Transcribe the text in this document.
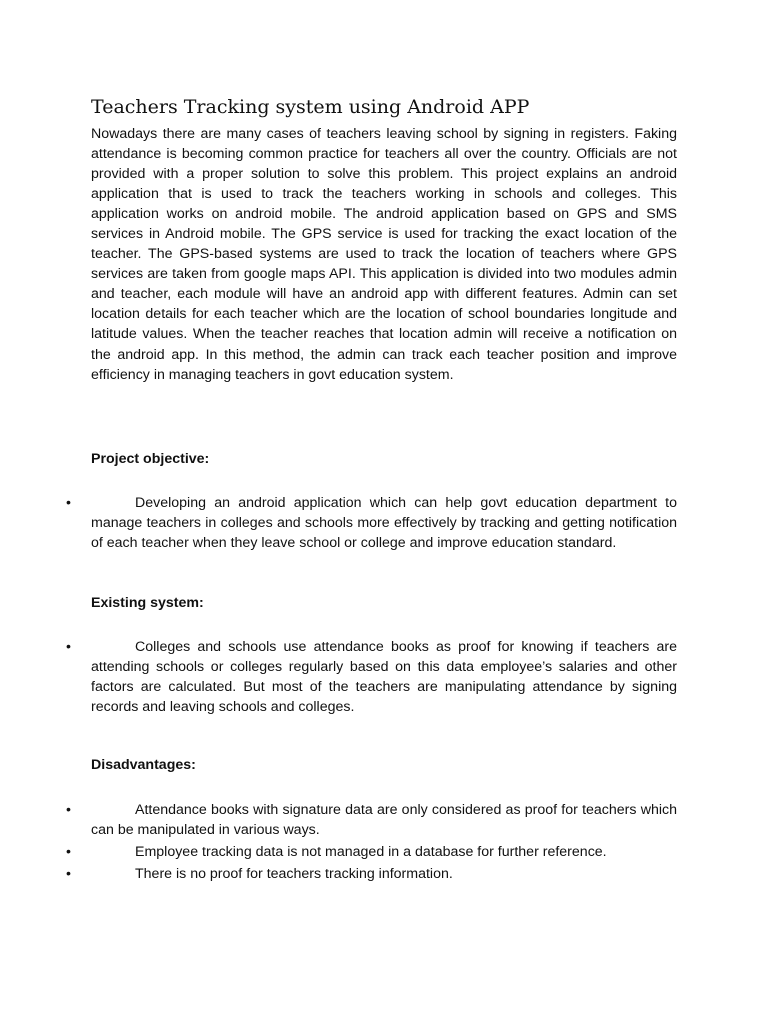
Teachers Tracking system using Android APP

Nowadays there are many cases of teachers leaving school by signing in registers. Faking attendance is becoming common practice for teachers all over the country. Officials are not provided with a proper solution to solve this problem. This project explains an android application that is used to track the teachers working in schools and colleges. This application works on android mobile. The android application based on GPS and SMS services in Android mobile. The GPS service is used for tracking the exact location of the teacher. The GPS-based systems are used to track the location of teachers where GPS services are taken from google maps API. This application is divided into two modules admin and teacher, each module will have an android app with different features. Admin can set location details for each teacher which are the location of school boundaries longitude and latitude values. When the teacher reaches that location admin will receive a notification on the android app. In this method, the admin can track each teacher position and improve efficiency in managing teachers in govt education system.

Project objective:
•	Developing an android application which can help govt education department to manage teachers in colleges and schools more effectively by tracking and getting notification of each teacher when they leave school or college and improve education standard.
Existing system:
•	Colleges and schools use attendance books as proof for knowing if teachers are attending schools or colleges regularly based on this data employee’s salaries and other factors are calculated. But most of the teachers are manipulating attendance by signing records and leaving schools and colleges.
Disadvantages:
•	Attendance books with signature data are only considered as proof for teachers which can be manipulated in various ways.
•	Employee tracking data is not managed in a database for further reference.
•	There is no proof for teachers tracking information.
